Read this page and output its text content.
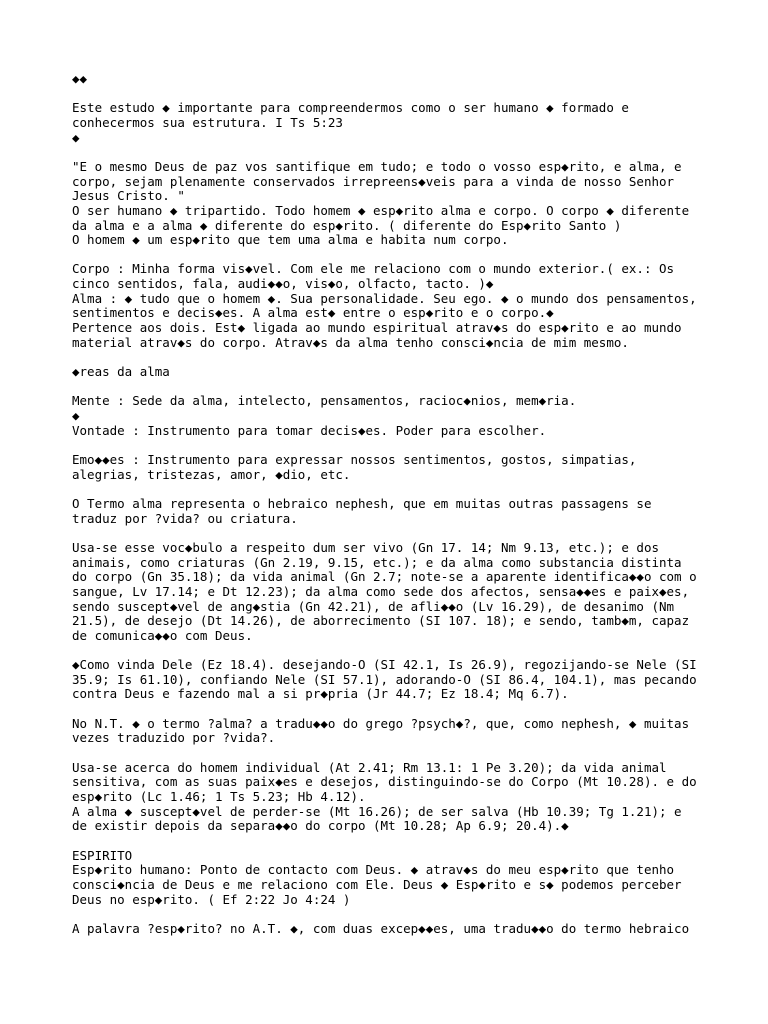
◆◆
Este estudo ◆ importante para compreendermos como o ser humano ◆ formado e
conhecermos sua estrutura. I Ts 5:23
◆
"E o mesmo Deus de paz vos santifique em tudo; e todo o vosso esp◆rito, e alma, e
corpo, sejam plenamente conservados irrepreens◆veis para a vinda de nosso Senhor
Jesus Cristo. "
O ser humano ◆ tripartido. Todo homem ◆ esp◆rito alma e corpo. O corpo ◆ diferente
da alma e a alma ◆ diferente do esp◆rito. ( diferente do Esp◆rito Santo )
O homem ◆ um esp◆rito que tem uma alma e habita num corpo.
Corpo : Minha forma vis◆vel. Com ele me relaciono com o mundo exterior.( ex.: Os
cinco sentidos, fala, audi◆◆o, vis◆o, olfacto, tacto. )◆
Alma : ◆ tudo que o homem ◆. Sua personalidade. Seu ego. ◆ o mundo dos pensamentos,
sentimentos e decis◆es. A alma est◆ entre o esp◆rito e o corpo.◆
Pertence aos dois. Est◆ ligada ao mundo espiritual atrav◆s do esp◆rito e ao mundo
material atrav◆s do corpo. Atrav◆s da alma tenho consci◆ncia de mim mesmo.
◆reas da alma
Mente : Sede da alma, intelecto, pensamentos, racioc◆nios, mem◆ria.
◆
Vontade : Instrumento para tomar decis◆es. Poder para escolher.
Emo◆◆es : Instrumento para expressar nossos sentimentos, gostos, simpatias,
alegrias, tristezas, amor, ◆dio, etc.
O Termo alma representa o hebraico nephesh, que em muitas outras passagens se
traduz por ?vida? ou criatura.
Usa-se esse voc◆bulo a respeito dum ser vivo (Gn 17. 14; Nm 9.13, etc.); e dos
animais, como criaturas (Gn 2.19, 9.15, etc.); e da alma como substancia distinta
do corpo (Gn 35.18); da vida animal (Gn 2.7; note-se a aparente identifica◆◆o com o
sangue, Lv 17.14; e Dt 12.23); da alma como sede dos afectos, sensa◆◆es e paix◆es,
sendo suscept◆vel de ang◆stia (Gn 42.21), de afli◆◆o (Lv 16.29), de desanimo (Nm
21.5), de desejo (Dt 14.26), de aborrecimento (SI 107. 18); e sendo, tamb◆m, capaz
de comunica◆◆o com Deus.
◆Como vinda Dele (Ez 18.4). desejando-O (SI 42.1, Is 26.9), regozijando-se Nele (SI
35.9; Is 61.10), confiando Nele (SI 57.1), adorando-O (SI 86.4, 104.1), mas pecando
contra Deus e fazendo mal a si pr◆pria (Jr 44.7; Ez 18.4; Mq 6.7).
No N.T. ◆ o termo ?alma? a tradu◆◆o do grego ?psych◆?, que, como nephesh, ◆ muitas
vezes traduzido por ?vida?.
Usa-se acerca do homem individual (At 2.41; Rm 13.1: 1 Pe 3.20); da vida animal
sensitiva, com as suas paix◆es e desejos, distinguindo-se do Corpo (Mt 10.28). e do
esp◆rito (Lc 1.46; 1 Ts 5.23; Hb 4.12).
A alma ◆ suscept◆vel de perder-se (Mt 16.26); de ser salva (Hb 10.39; Tg 1.21); e
de existir depois da separa◆◆o do corpo (Mt 10.28; Ap 6.9; 20.4).◆
ESPIRITO
Esp◆rito humano: Ponto de contacto com Deus. ◆ atrav◆s do meu esp◆rito que tenho
consci◆ncia de Deus e me relaciono com Ele. Deus ◆ Esp◆rito e s◆ podemos perceber
Deus no esp◆rito. ( Ef 2:22 Jo 4:24 )
A palavra ?esp◆rito? no A.T. ◆, com duas excep◆◆es, uma tradu◆◆o do termo hebraico
